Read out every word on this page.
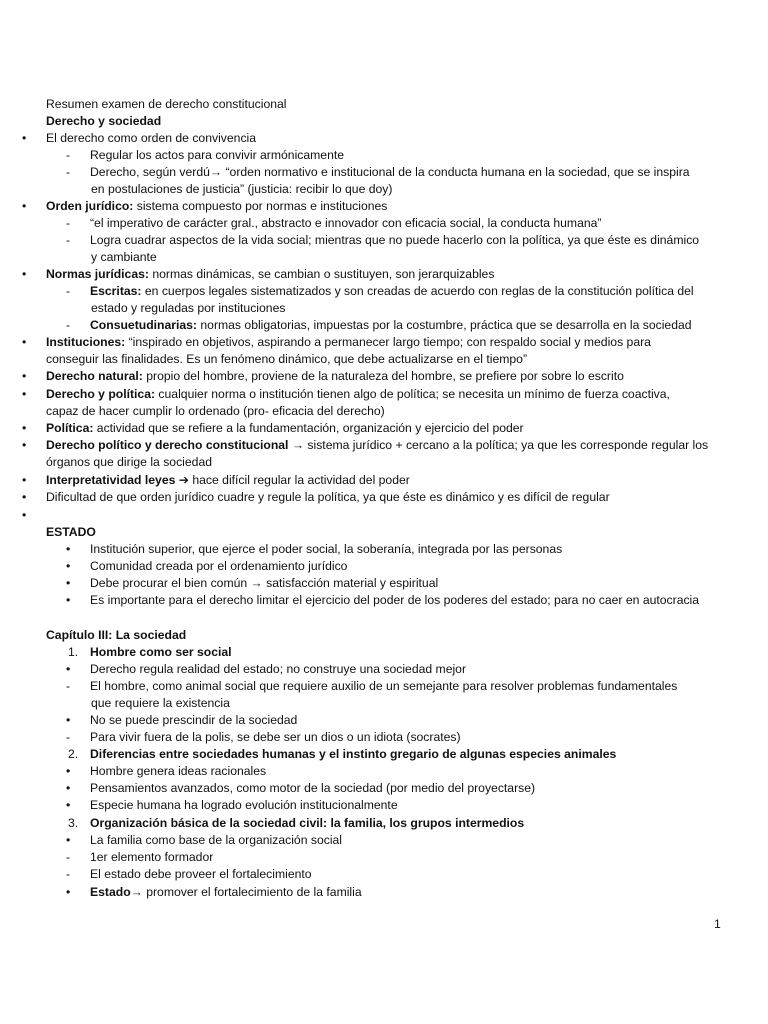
Resumen examen de derecho constitucional
Derecho y sociedad
• El derecho como orden de convivencia
- Regular los actos para convivir armónicamente
- Derecho, según verdú→ “orden normativo e institucional de la conducta humana en la sociedad, que se inspira
en postulaciones de justicia” (justicia: recibir lo que doy)
• Orden jurídico: sistema compuesto por normas e instituciones
- “el imperativo de carácter gral., abstracto e innovador con eficacia social, la conducta humana”
- Logra cuadrar aspectos de la vida social; mientras que no puede hacerlo con la política, ya que éste es dinámico
y cambiante
• Normas jurídicas: normas dinámicas, se cambian o sustituyen, son jerarquizables
- Escritas: en cuerpos legales sistematizados y son creadas de acuerdo con reglas de la constitución política del
estado y reguladas por instituciones
- Consuetudinarias: normas obligatorias, impuestas por la costumbre, práctica que se desarrolla en la sociedad
• Instituciones: “inspirado en objetivos, aspirando a permanecer largo tiempo; con respaldo social y medios para
conseguir las finalidades. Es un fenómeno dinámico, que debe actualizarse en el tiempo”
• Derecho natural: propio del hombre, proviene de la naturaleza del hombre, se prefiere por sobre lo escrito
• Derecho y política: cualquier norma o institución tienen algo de política; se necesita un mínimo de fuerza coactiva,
capaz de hacer cumplir lo ordenado (pro- eficacia del derecho)
• Política: actividad que se refiere a la fundamentación, organización y ejercicio del poder
• Derecho político y derecho constitucional → sistema jurídico + cercano a la política; ya que les corresponde regular los
órganos que dirige la sociedad
• Interpretatividad leyes ➔ hace difícil regular la actividad del poder
• Dificultad de que orden jurídico cuadre y regule la política, ya que éste es dinámico y es difícil de regular
•
ESTADO
• Institución superior, que ejerce el poder social, la soberanía, integrada por las personas
• Comunidad creada por el ordenamiento jurídico
• Debe procurar el bien común → satisfacción material y espiritual
• Es importante para el derecho limitar el ejercicio del poder de los poderes del estado; para no caer en autocracia
Capítulo III: La sociedad
1. Hombre como ser social
• Derecho regula realidad del estado; no construye una sociedad mejor
- El hombre, como animal social que requiere auxilio de un semejante para resolver problemas fundamentales
que requiere la existencia
• No se puede prescindir de la sociedad
- Para vivir fuera de la polis, se debe ser un dios o un idiota (socrates)
2. Diferencias entre sociedades humanas y el instinto gregario de algunas especies animales
• Hombre genera ideas racionales
• Pensamientos avanzados, como motor de la sociedad (por medio del proyectarse)
• Especie humana ha logrado evolución institucionalmente
3. Organización básica de la sociedad civil: la familia, los grupos intermedios
• La familia como base de la organización social
- 1er elemento formador
- El estado debe proveer el fortalecimiento
• Estado→ promover el fortalecimiento de la familia
1
